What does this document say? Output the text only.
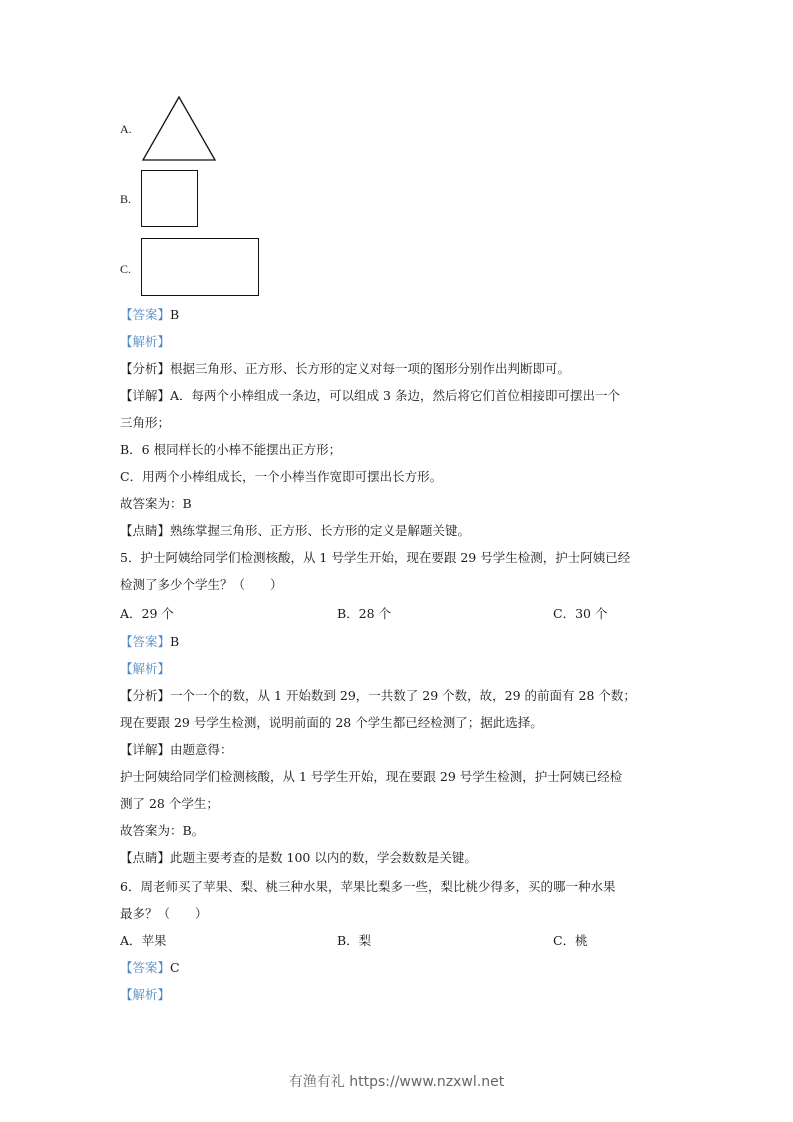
A.
B.
C.
【答案】B
【解析】
【分析】根据三角形、正方形、长方形的定义对每一项的图形分别作出判断即可。
【详解】A．每两个小棒组成一条边，可以组成 3 条边，然后将它们首位相接即可摆出一个
三角形；
B．6 根同样长的小棒不能摆出正方形；
C．用两个小棒组成长，一个小棒当作宽即可摆出长方形。
故答案为：B
【点睛】熟练掌握三角形、正方形、长方形的定义是解题关键。
5．护士阿姨给同学们检测核酸，从 1 号学生开始，现在要跟 29 号学生检测，护士阿姨已经
检测了多少个学生？（　　）
A．29 个	B．28 个	C．30 个
【答案】B
【解析】
【分析】一个一个的数，从 1 开始数到 29，一共数了 29 个数，故，29 的前面有 28 个数；
现在要跟 29 号学生检测，说明前面的 28 个学生都已经检测了；据此选择。
【详解】由题意得：
护士阿姨给同学们检测核酸，从 1 号学生开始，现在要跟 29 号学生检测，护士阿姨已经检
测了 28 个学生；
故答案为：B。
【点睛】此题主要考查的是数 100 以内的数，学会数数是关键。
6．周老师买了苹果、梨、桃三种水果，苹果比梨多一些，梨比桃少得多，买的哪一种水果
最多？（　　）
A．苹果	B．梨	C．桃
【答案】C
【解析】
有渔有礼 https://www.nzxwl.net
